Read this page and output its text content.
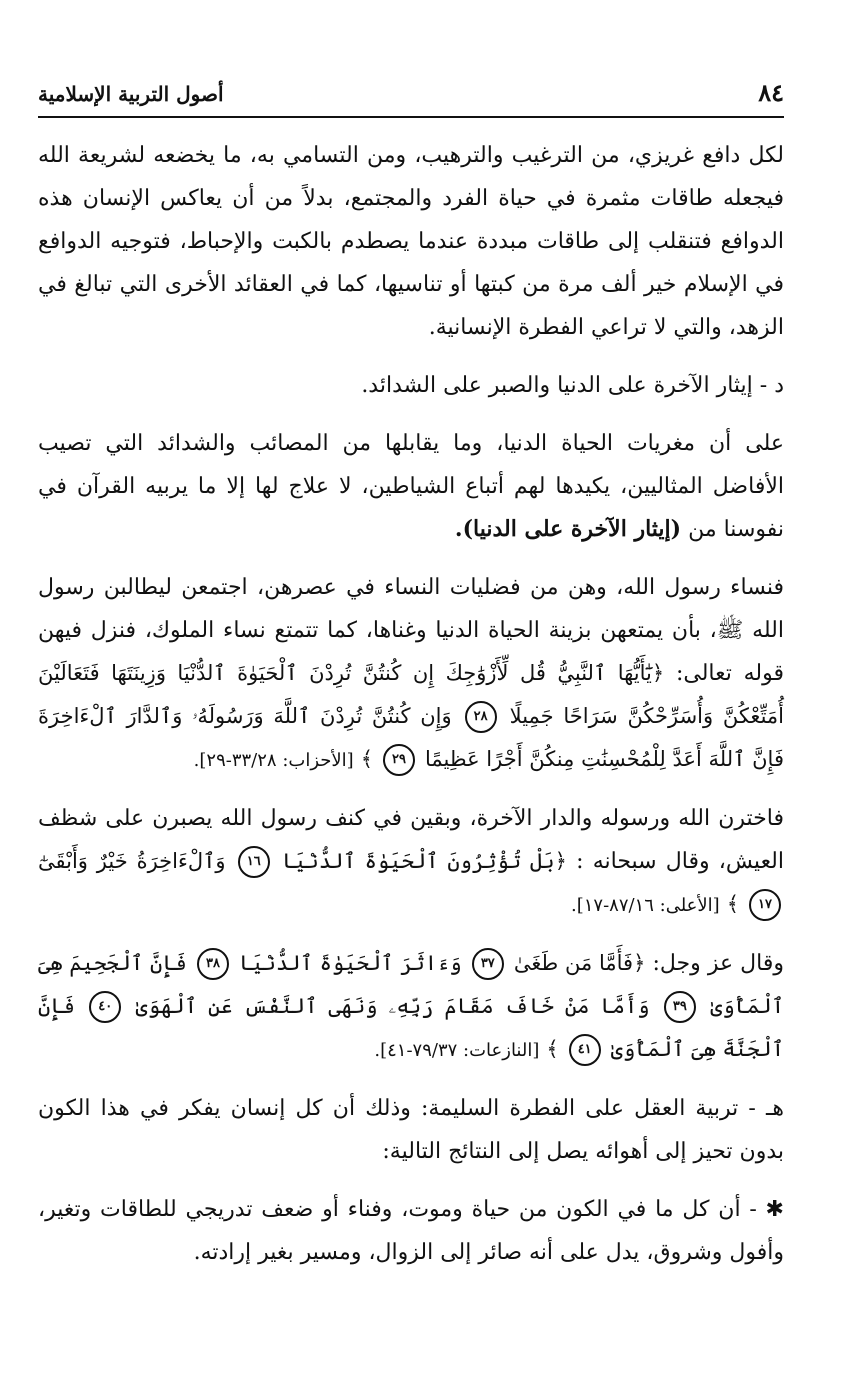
٨٤
أصول التربية الإسلامية

لكل دافع غريزي، من الترغيب والترهيب، ومن التسامي به، ما يخضعه لشريعة الله فيجعله طاقات مثمرة في حياة الفرد والمجتمع، بدلاً من أن يعاكس الإنسان هذه الدوافع فتنقلب إلى طاقات مبددة عندما يصطدم بالكبت والإحباط، فتوجيه الدوافع في الإسلام خير ألف مرة من كبتها أو تناسيها، كما في العقائد الأخرى التي تبالغ في الزهد، والتي لا تراعي الفطرة الإنسانية.

د - إيثار الآخرة على الدنيا والصبر على الشدائد.

على أن مغريات الحياة الدنيا، وما يقابلها من المصائب والشدائد التي تصيب الأفاضل المثاليين، يكيدها لهم أتباع الشياطين، لا علاج لها إلا ما يربيه القرآن في نفوسنا من (إيثار الآخرة على الدنيا).

فنساء رسول الله، وهن من فضليات النساء في عصرهن، اجتمعن ليطالبن رسول الله ﷺ، بأن يمتعهن بزينة الحياة الدنيا وغناها، كما تتمتع نساء الملوك، فنزل فيهن قوله تعالى: ﴿يَٰٓأَيُّهَا ٱلنَّبِيُّ قُل لِّأَزْوَٰجِكَ إِن كُنتُنَّ تُرِدْنَ ٱلْحَيَوٰةَ ٱلدُّنْيَا وَزِينَتَهَا فَتَعَالَيْنَ أُمَتِّعْكُنَّ وَأُسَرِّحْكُنَّ سَرَاحًا جَمِيلًا ٢٨ وَإِن كُنتُنَّ تُرِدْنَ ٱللَّهَ وَرَسُولَهُۥ وَٱلدَّارَ ٱلْءَاخِرَةَ فَإِنَّ ٱللَّهَ أَعَدَّ لِلْمُحْسِنَٰتِ مِنكُنَّ أَجْرًا عَظِيمًا ٢٩ ﴾ [الأحزاب: ٣٣/٢٨-٢٩].

فاخترن الله ورسوله والدار الآخرة، وبقين في كنف رسول الله يصبرن على شظف العيش، وقال سبحانه : ﴿بَلْ تُؤْثِرُونَ ٱلْحَيَوٰةَ ٱلدُّنْيَا ١٦ وَٱلْءَاخِرَةُ خَيْرٌ وَأَبْقَىٰٓ ١٧ ﴾ [الأعلى: ٨٧/١٦-١٧].

وقال عز وجل: ﴿فَأَمَّا مَن طَغَىٰ ٣٧ وَءَاثَرَ ٱلْحَيَوٰةَ ٱلدُّنْيَا ٣٨ فَإِنَّ ٱلْجَحِيمَ هِىَ ٱلْمَأْوَىٰ ٣٩ وَأَمَّا مَنْ خَافَ مَقَامَ رَبِّهِۦ وَنَهَى ٱلنَّفْسَ عَنِ ٱلْهَوَىٰ ٤٠ فَإِنَّ ٱلْجَنَّةَ هِىَ ٱلْمَأْوَىٰ ٤١ ﴾ [النازعات: ٧٩/٣٧-٤١].

هـ - تربية العقل على الفطرة السليمة: وذلك أن كل إنسان يفكر في هذا الكون بدون تحيز إلى أهوائه يصل إلى النتائج التالية:

✱ - أن كل ما في الكون من حياة وموت، وفناء أو ضعف تدريجي للطاقات وتغير، وأفول وشروق، يدل على أنه صائر إلى الزوال، ومسير بغير إرادته.
